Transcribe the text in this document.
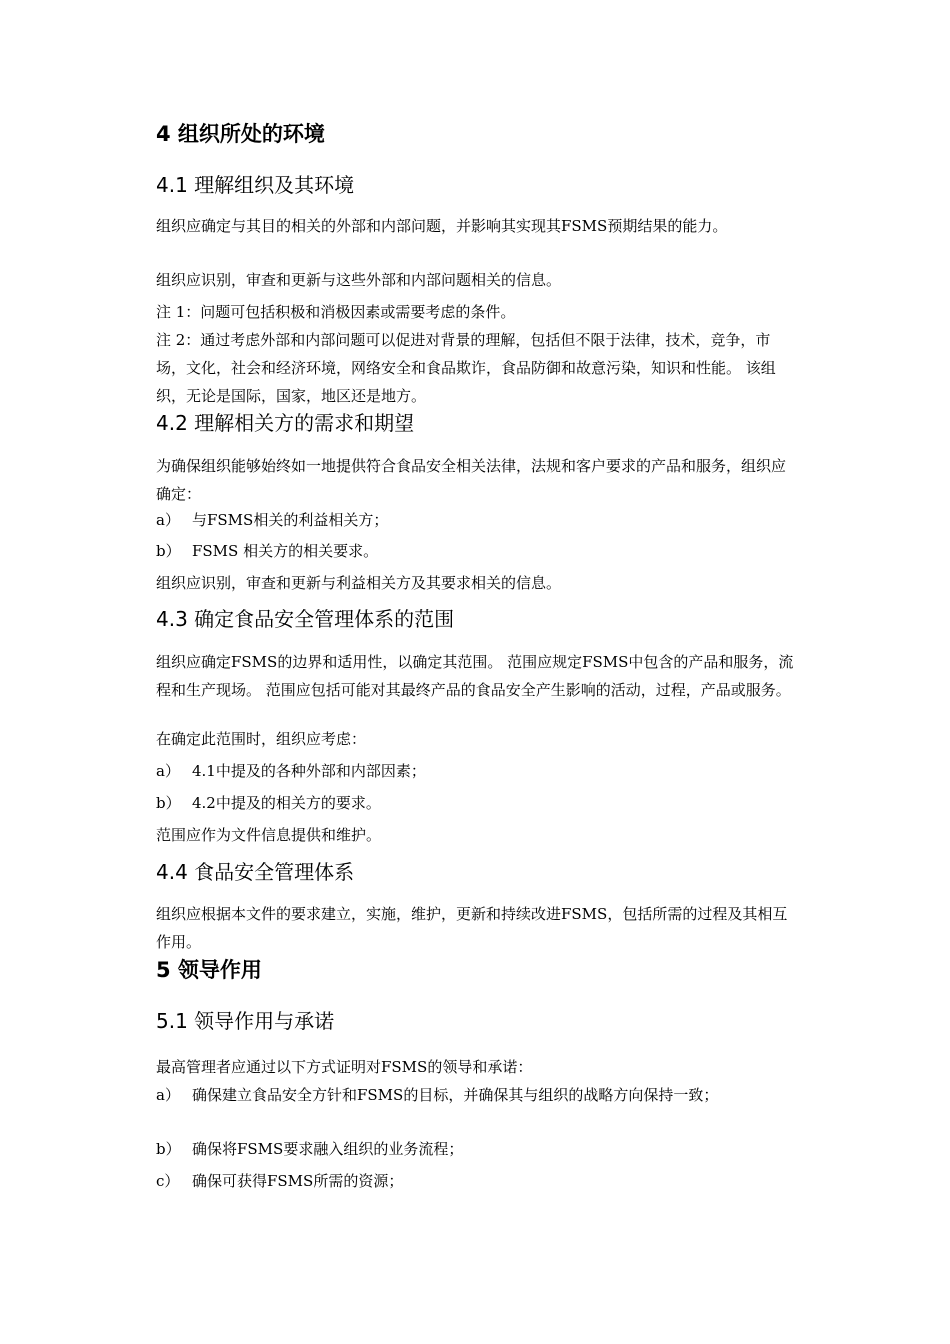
4 组织所处的环境
4.1 理解组织及其环境
组织应确定与其目的相关的外部和内部问题，并影响其实现其FSMS预期结果的能力。
组织应识别，审查和更新与这些外部和内部问题相关的信息。
注 1：问题可包括积极和消极因素或需要考虑的条件。
注 2：通过考虑外部和内部问题可以促进对背景的理解，包括但不限于法律，技术，竞争，市场，文化，社会和经济环境，网络安全和食品欺诈，食品防御和故意污染，知识和性能。 该组织，无论是国际，国家，地区还是地方。
4.2 理解相关方的需求和期望
为确保组织能够始终如一地提供符合食品安全相关法律，法规和客户要求的产品和服务，组织应确定：
a） 与FSMS相关的利益相关方；
b） FSMS 相关方的相关要求。
组织应识别，审查和更新与利益相关方及其要求相关的信息。
4.3 确定食品安全管理体系的范围
组织应确定FSMS的边界和适用性，以确定其范围。 范围应规定FSMS中包含的产品和服务，流程和生产现场。 范围应包括可能对其最终产品的食品安全产生影响的活动，过程，产品或服务。
在确定此范围时，组织应考虑：
a） 4.1中提及的各种外部和内部因素；
b） 4.2中提及的相关方的要求。
范围应作为文件信息提供和维护。
4.4 食品安全管理体系
组织应根据本文件的要求建立，实施，维护，更新和持续改进FSMS，包括所需的过程及其相互作用。
5 领导作用
5.1 领导作用与承诺
最高管理者应通过以下方式证明对FSMS的领导和承诺：
a） 确保建立食品安全方针和FSMS的目标，并确保其与组织的战略方向保持一致；
b） 确保将FSMS要求融入组织的业务流程；
c） 确保可获得FSMS所需的资源；
